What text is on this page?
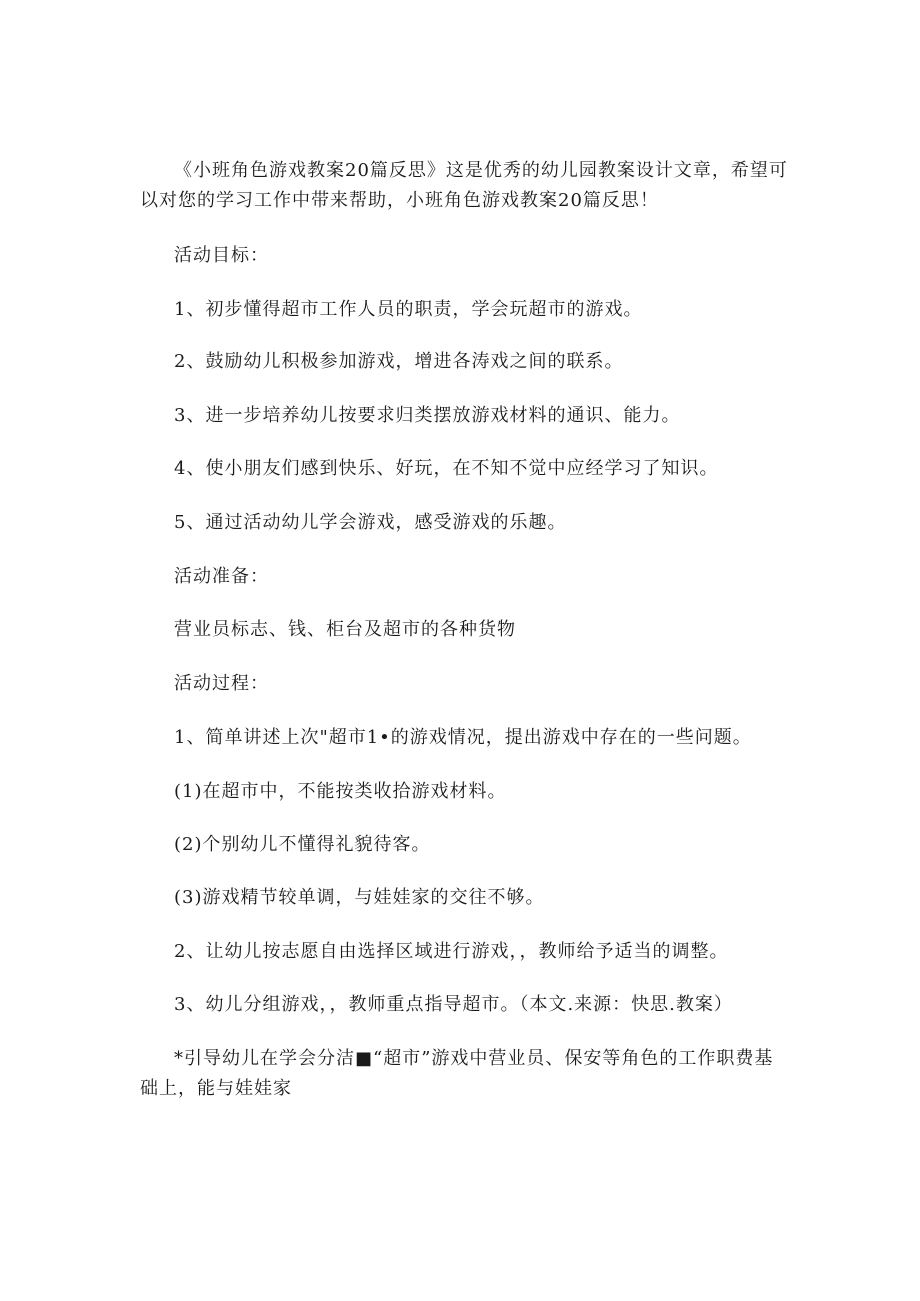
《小班角色游戏教案20篇反思》这是优秀的幼儿园教案设计文章，希望可
以对您的学习工作中带来帮助，小班角色游戏教案20篇反思！
活动目标：
1、初步懂得超市工作人员的职责，学会玩超市的游戏。
2、鼓励幼儿积极参加游戏，增进各涛戏之间的联系。
3、进一步培养幼儿按要求归类摆放游戏材料的通识、能力。
4、使小朋友们感到快乐、好玩，在不知不觉中应经学习了知识。
5、通过活动幼儿学会游戏，感受游戏的乐趣。
活动准备：
营业员标志、钱、柜台及超市的各种货物
活动过程：
1、简单讲述上次"超市1•的游戏情况，提出游戏中存在的一些问题。
(1)在超市中，不能按类收拾游戏材料。
(2)个别幼儿不懂得礼貌待客。
(3)游戏精节较单调，与娃娃家的交往不够。
2、让幼儿按志愿自由选择区域进行游戏，，教师给予适当的调整。
3、幼儿分组游戏，，教师重点指导超市。（本文.来源：快思.教案）
*引导幼儿在学会分洁■“超市”游戏中营业员、保安等角色的工作职费基
础上，能与娃娃家
